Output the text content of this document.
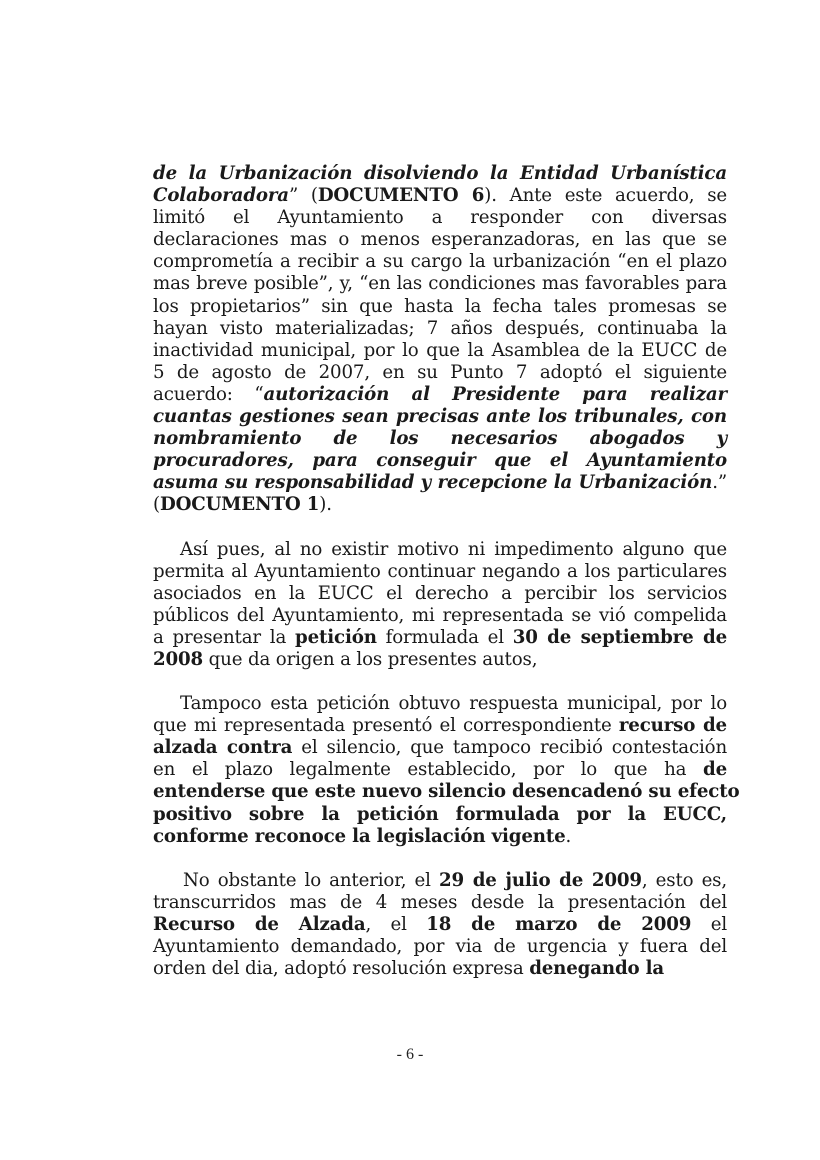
de la Urbanización disolviendo la Entidad Urbanística
Colaboradora” (DOCUMENTO 6). Ante este acuerdo, se
limitó el Ayuntamiento a responder con diversas
declaraciones mas o menos esperanzadoras, en las que se
comprometía a recibir a su cargo la urbanización “en el plazo
mas breve posible”, y, “en las condiciones mas favorables para
los propietarios” sin que hasta la fecha tales promesas se
hayan visto materializadas; 7 años después, continuaba la
inactividad municipal, por lo que la Asamblea de la EUCC de
5 de agosto de 2007, en su Punto 7 adoptó el siguiente
acuerdo: “autorización al Presidente para realizar
cuantas gestiones sean precisas ante los tribunales, con
nombramiento de los necesarios abogados y
procuradores, para conseguir que el Ayuntamiento
asuma su responsabilidad y recepcione la Urbanización.”
(DOCUMENTO 1).
Así pues, al no existir motivo ni impedimento alguno que
permita al Ayuntamiento continuar negando a los particulares
asociados en la EUCC el derecho a percibir los servicios
públicos del Ayuntamiento, mi representada se vió compelida
a presentar la petición formulada el 30 de septiembre de
2008 que da origen a los presentes autos,
Tampoco esta petición obtuvo respuesta municipal, por lo
que mi representada presentó el correspondiente recurso de
alzada contra el silencio, que tampoco recibió contestación
en el plazo legalmente establecido, por lo que ha de
entenderse que este nuevo silencio desencadenó su efecto
positivo sobre la petición formulada por la EUCC,
conforme reconoce la legislación vigente.
No obstante lo anterior, el 29 de julio de 2009, esto es,
transcurridos mas de 4 meses desde la presentación del
Recurso de Alzada, el 18 de marzo de 2009 el
Ayuntamiento demandado, por via de urgencia y fuera del
orden del dia, adoptó resolución expresa denegando la
- 6 -
